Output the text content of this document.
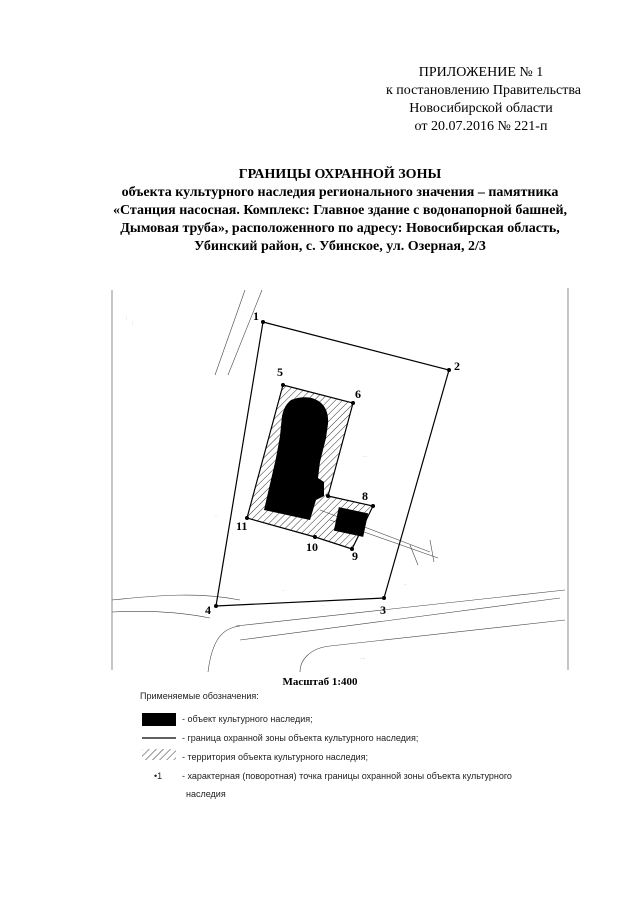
ПРИЛОЖЕНИЕ № 1
к постановлению Правительства
Новосибирской области
от 20.07.2016 № 221-п
ГРАНИЦЫ ОХРАННОЙ ЗОНЫ
объекта культурного наследия регионального значения – памятника
«Станция насосная. Комплекс: Главное здание с водонапорной башней,
Дымовая труба», расположенного по адресу: Новосибирская область,
Убинский район, с. Убинское, ул. Озерная, 2/3
···
···
··
···
··
··
··
····
1
2
3
4
5
6
7	8
9
10
11
Масштаб 1:400
Применяемые обозначения:
- объект культурного наследия;
- граница охранной зоны объекта культурного наследия;
- территория объекта культурного наследия;
•1 - характерная (поворотная) точка границы охранной зоны объекта культурного
наследия
